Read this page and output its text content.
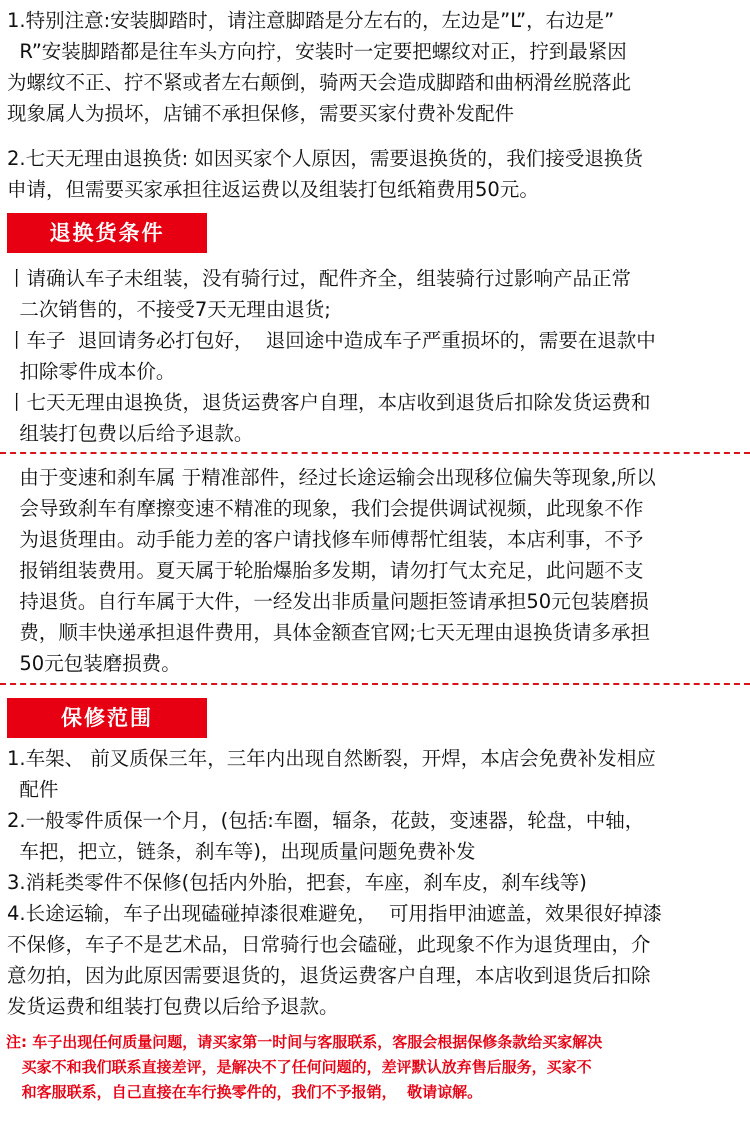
1.特别注意:安装脚踏时，请注意脚踏是分左右的，左边是”L”，右边是”
R”安装脚踏都是往车头方向拧，安装时一定要把螺纹对正，拧到最紧因
为螺纹不正、拧不紧或者左右颠倒，骑两天会造成脚踏和曲柄滑丝脱落此
现象属人为损坏，店铺不承担保修，需要买家付费补发配件
2.七天无理由退换货: 如因买家个人原因，需要退换货的，我们接受退换货
申请，但需要买家承担往返运费以及组装打包纸箱费用50元。
退换货条件
丨请确认车子未组装，没有骑行过，配件齐全，组装骑行过影响产品正常
二次销售的，不接受7天无理由退货;
丨车子  退回请务必打包好，  退回途中造成车子严重损坏的，需要在退款中
扣除零件成本价。
丨七天无理由退换货，退货运费客户自理，本店收到退货后扣除发货运费和
组装打包费以后给予退款。
由于变速和刹车属 于精准部件，经过长途运输会出现移位偏失等现象,所以
会导致刹车有摩擦变速不精准的现象，我们会提供调试视频，此现象不作
为退货理由。动手能力差的客户请找修车师傅帮忙组装，本店利事，不予
报销组装费用。夏天属于轮胎爆胎多发期，请勿打气太充足，此问题不支
持退货。自行车属于大件，一经发出非质量问题拒签请承担50元包装磨损
费，顺丰快递承担退件费用，具体金额查官网;七天无理由退换货请多承担
50元包装磨损费。
保修范围
1.车架、 前叉质保三年，三年内出现自然断裂，开焊，本店会免费补发相应
配件
2.一般零件质保一个月，(包括:车圈，辐条，花鼓，变速器，轮盘，中轴，
车把，把立，链条，刹车等)，出现质量问题免费补发
3.消耗类零件不保修(包括内外胎，把套，车座，刹车皮，刹车线等)
4.长途运输，车子出现磕碰掉漆很难避免，  可用指甲油遮盖，效果很好掉漆
不保修，车子不是艺术品，日常骑行也会磕碰，此现象不作为退货理由，介
意勿拍，因为此原因需要退货的，退货运费客户自理，本店收到退货后扣除
发货运费和组装打包费以后给予退款。
注: 车子出现任何质量问题，请买家第一时间与客服联系，客服会根据保修条款给买家解决
买家不和我们联系直接差评，是解决不了任何问题的，差评默认放弃售后服务，买家不
和客服联系，自己直接在车行换零件的，我们不予报销，  敬请谅解。
